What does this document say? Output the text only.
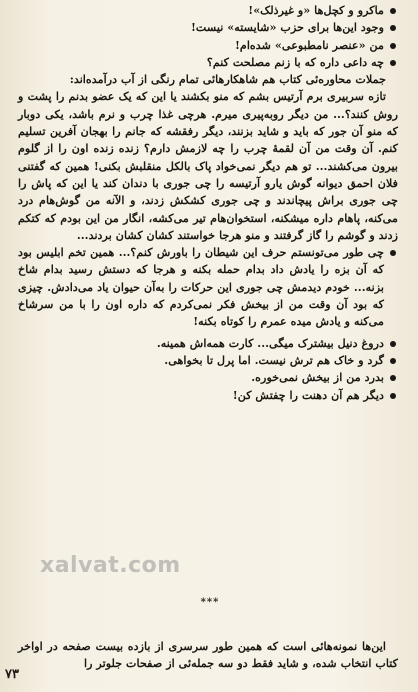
ماکرو و کچل‌ها «و غیرذلک»!

وجود این‌ها برای حزب «شایسته» نیست!

من «عنصر نامطبوعی» شده‌ام!

چه داعی داره که با زنم مصلحت کنم؟

جملات محاوره‌ئی کتاب هم شاهکارهائی تمام رنگی از آب درآمده‌اند:

تازه سربیری برم آرتیس بشم که منو بکشند یا این که یک عضو بدنم را پشت و روش کنند؟... من دیگر رو‌به‌پیری میرم. هرچی غذا چرب و نرم باشد، یکی دوبار که منو آن جور که باید و شاید بزنند، دیگر رفقشه که جانم را بهجان آفرین تسلیم کنم. آن وقت من آن لقمهٔ چرب را چه لازمش دارم؟ زنده زنده اون را از گلوم بیرون می‌کشند... تو هم دیگر نمی‌خواد پاک بالکل منقلبش بکنی! همین که گفتنی فلان احمق دیوانه گوش یارو آرتیسه را چی جوری با دندان کند یا این که پاش را چی جوری براش پیچاندند و چی جوری کشکش زدند، و الآنه من گوش‌هام درد می‌کنه، پاهام داره میشکنه، استخوان‌هام تیر می‌کشه، انگار من این بودم که کتکم زدند و گوشم را گاز گرفتند و منو هرجا خواستند کشان کشان بردند...

چی طور می‌تونستم حرف این شیطان را باورش کنم؟... همین تخم ابلیس بود که آن بزه را یادش داد بدام حمله بکنه و هرجا که دستش رسید بدام شاخ بزنه... خودم دیدمش چی جوری این حرکات را به‌آن حیوان یاد می‌دادش. چیزی که بود آن وقت من از بیخش فکر نمی‌کردم که داره اون را با من سرشاخ می‌کنه و یادش میده عمرم را کوتاه بکنه!

دروغ دنیل بیشترک میگی... کارت همه‌اش همینه.

گرد و خاک هم ترش نیست. اما پرل تا بخواهی.

بدرد من از بیخش نمی‌خوره.

دیگر هم آن دهنت را چفتش کن!

xalvat.com
***

این‌ها نمونه‌هائی است که همین طور سرسری از بازده بیست صفحه در اواخر کتاب انتخاب شده، و شاید فقط دو سه جمله‌ئی از صفحات جلوتر را

۷۳
